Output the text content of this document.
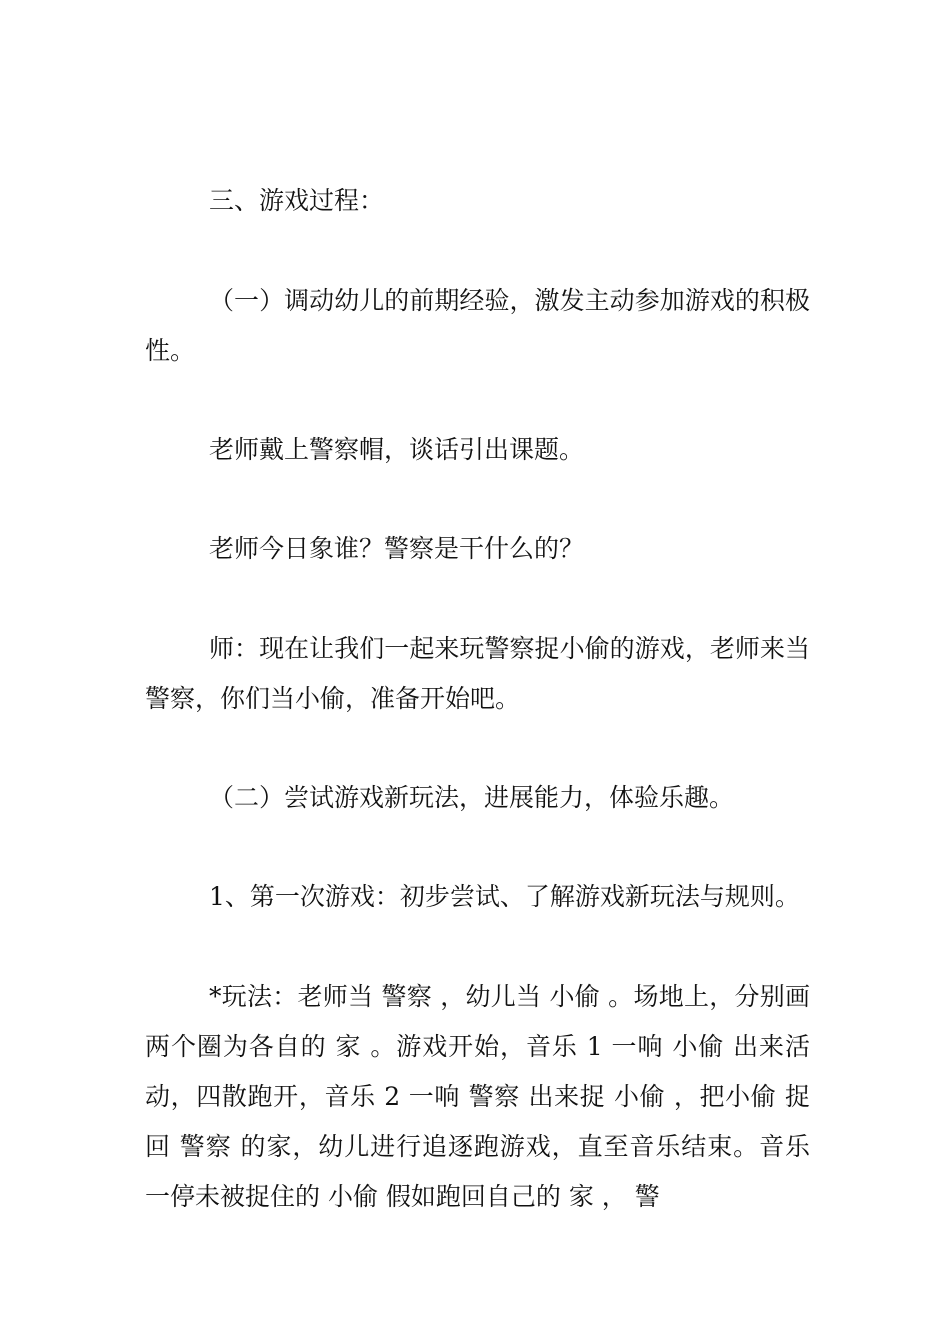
三、游戏过程：

（一）调动幼儿的前期经验，激发主动参加游戏的积极性。

老师戴上警察帽，谈话引出课题。

老师今日象谁？警察是干什么的？

师：现在让我们一起来玩警察捉小偷的游戏，老师来当警察，你们当小偷，准备开始吧。

（二）尝试游戏新玩法，进展能力，体验乐趣。

1、第一次游戏：初步尝试、了解游戏新玩法与规则。

*玩法：老师当 警察 ，幼儿当 小偷 。场地上，分别画两个圈为各自的 家 。游戏开始，音乐 1 一响 小偷 出来活动，四散跑开，音乐 2 一响 警察 出来捉 小偷 ，把小偷 捉回 警察 的家，幼儿进行追逐跑游戏，直至音乐结束。音乐一停未被捉住的 小偷 假如跑回自己的 家 ， 警
